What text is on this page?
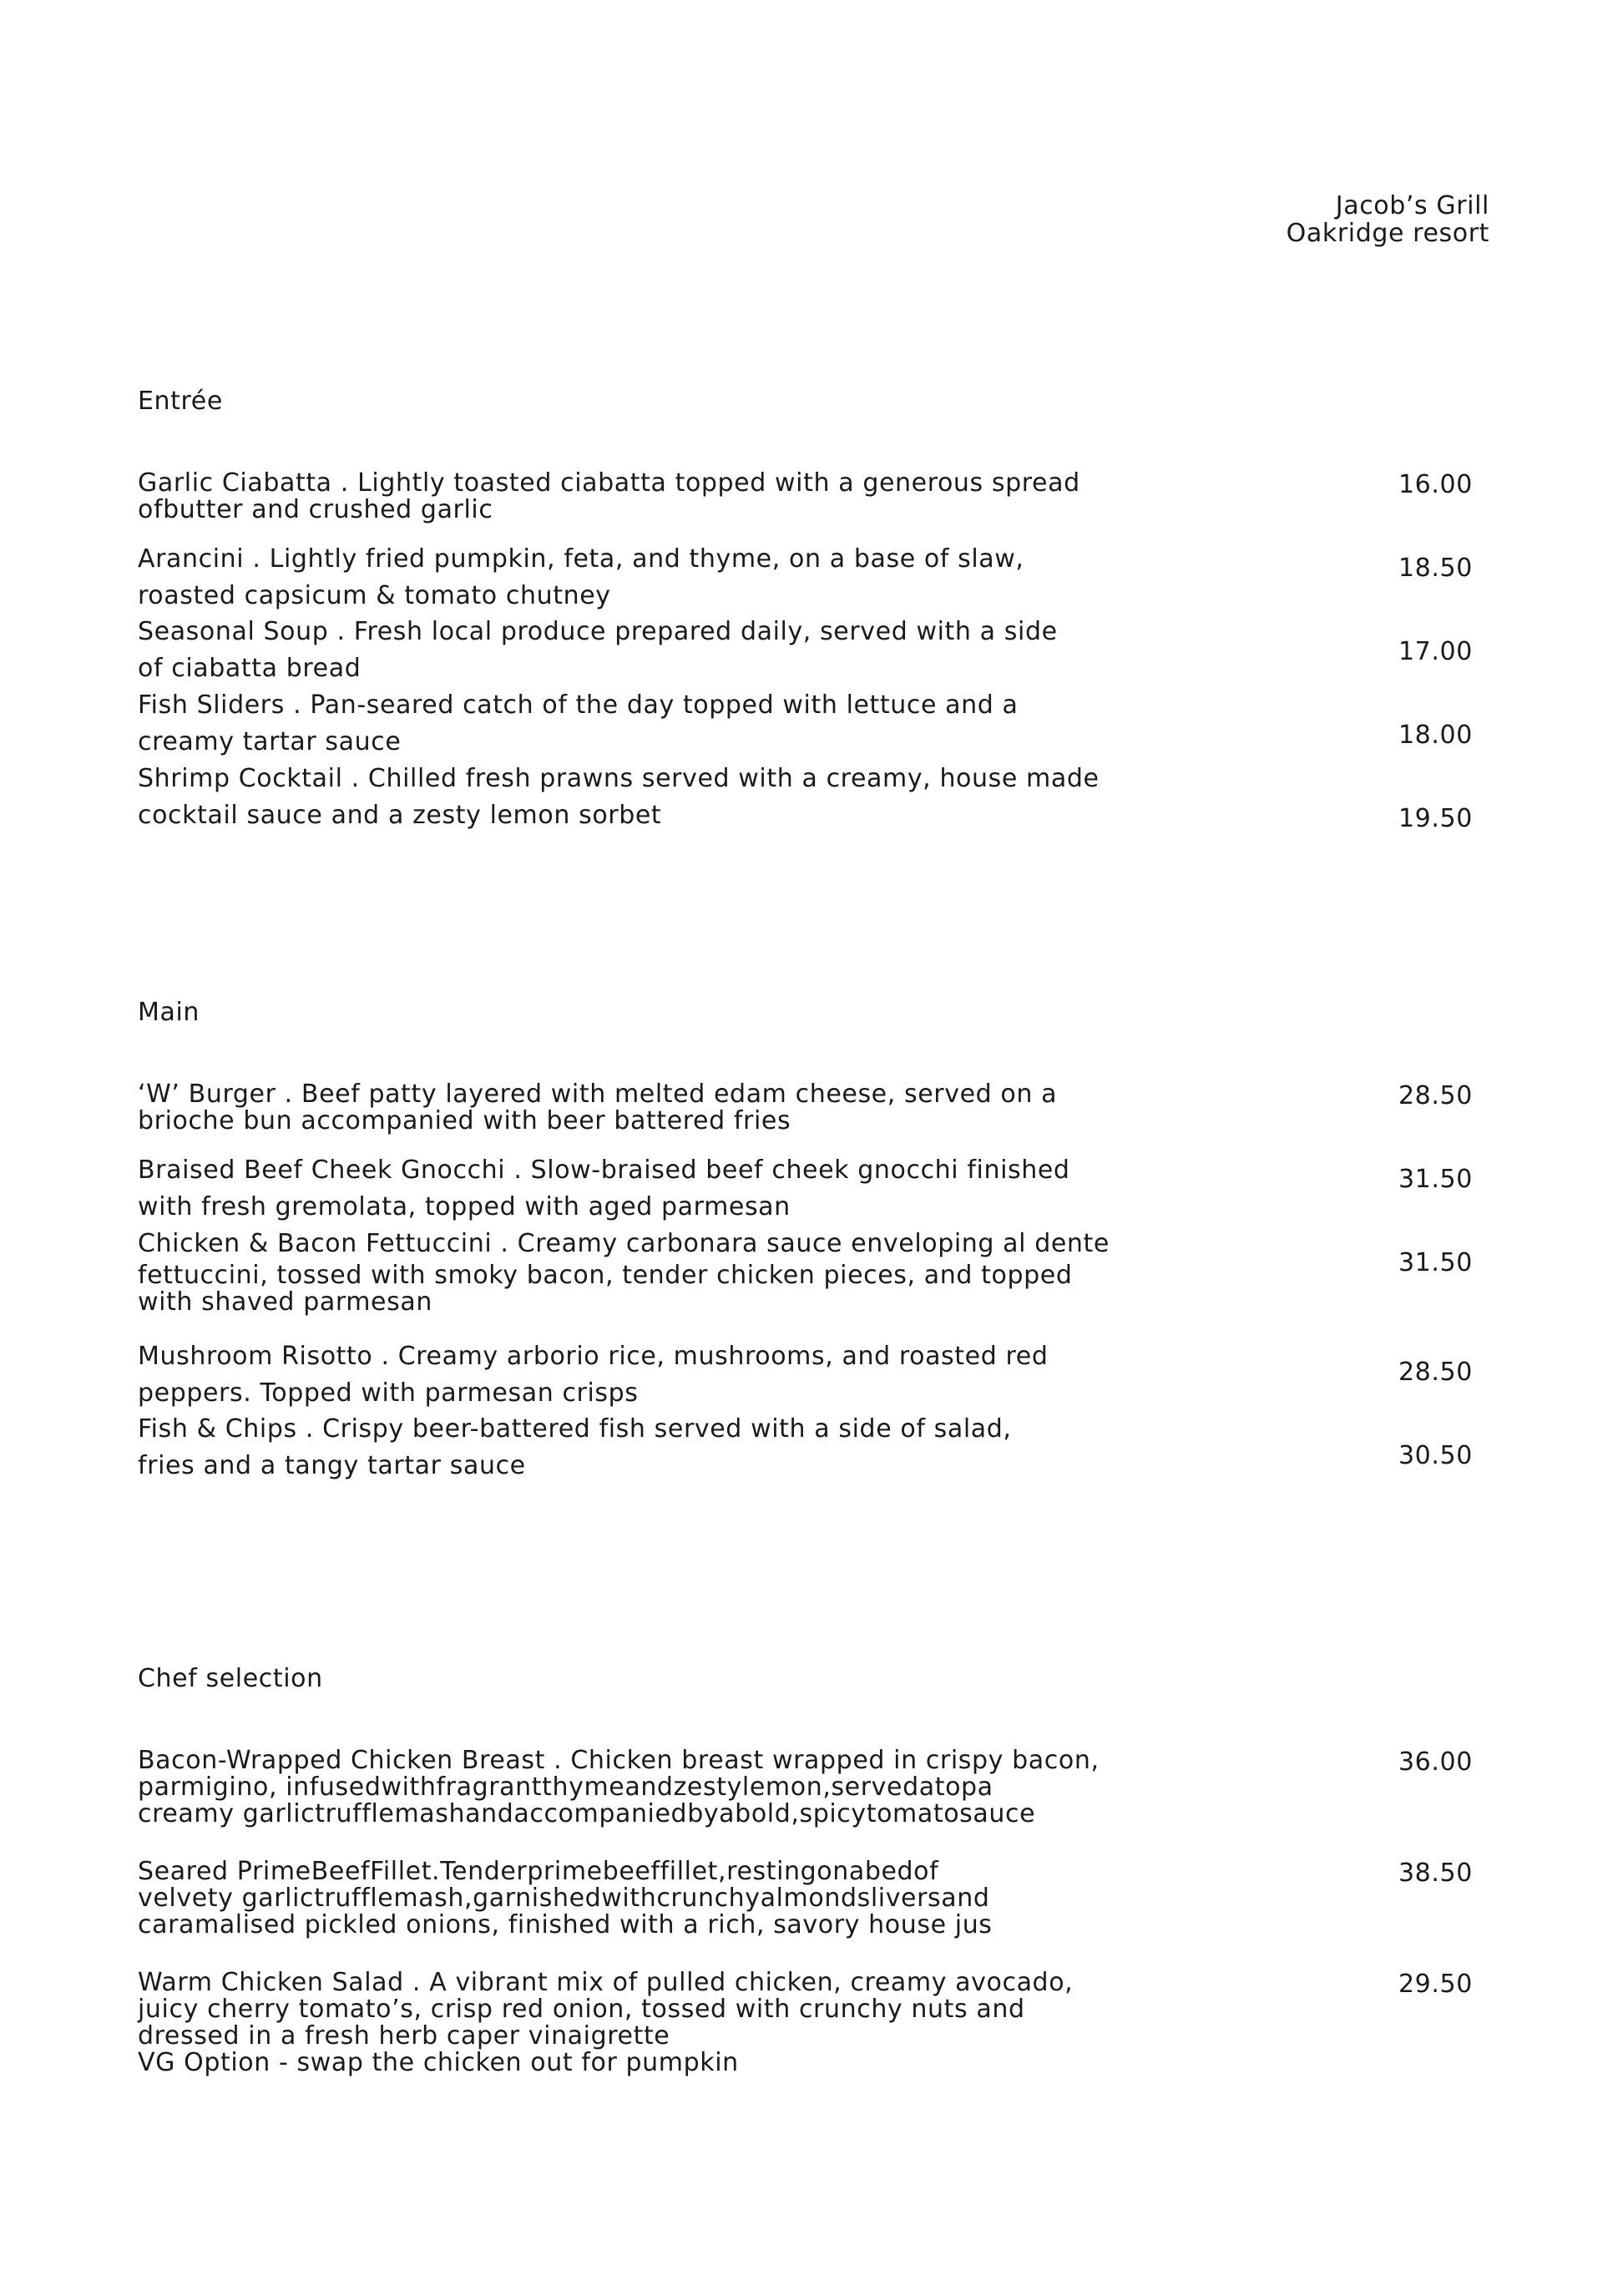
Jacob’s Grill
Oakridge resort
Entrée
Garlic Ciabatta . Lightly toasted ciabatta topped with a generous spread
ofbutter and crushed garlic
16.00
Arancini . Lightly fried pumpkin, feta, and thyme, on a base of slaw,
roasted capsicum & tomato chutney
18.50
Seasonal Soup . Fresh local produce prepared daily, served with a side
of ciabatta bread
17.00
Fish Sliders . Pan-seared catch of the day topped with lettuce and a
creamy tartar sauce	18.00
Shrimp Cocktail . Chilled fresh prawns served with a creamy, house made
cocktail sauce and a zesty lemon sorbet	19.50
Main
‘W’ Burger . Beef patty layered with melted edam cheese, served on a
brioche bun accompanied with beer battered fries
28.50
Braised Beef Cheek Gnocchi . Slow-braised beef cheek gnocchi finished
with fresh gremolata, topped with aged parmesan
31.50
Chicken & Bacon Fettuccini . Creamy carbonara sauce enveloping al dente
fettuccini, tossed with smoky bacon, tender chicken pieces, and topped
with shaved parmesan
31.50
Mushroom Risotto . Creamy arborio rice, mushrooms, and roasted red
peppers. Topped with parmesan crisps
28.50
Fish & Chips . Crispy beer-battered fish served with a side of salad,
fries and a tangy tartar sauce	30.50
Chef selection
Bacon-Wrapped Chicken Breast . Chicken breast wrapped in crispy bacon,
parmigino, infusedwithfragrantthymeandzestylemon,servedatopa
creamy garlictrufflemashandaccompaniedbyabold,spicytomatosauce
36.00
Seared PrimeBeefFillet.Tenderprimebeeffillet,restingonabedof
velvety garlictrufflemash,garnishedwithcrunchyalmondsliversand
caramalised pickled onions, finished with a rich, savory house jus
38.50
Warm Chicken Salad . A vibrant mix of pulled chicken, creamy avocado,
juicy cherry tomato’s, crisp red onion, tossed with crunchy nuts and
dressed in a fresh herb caper vinaigrette
VG Option - swap the chicken out for pumpkin
29.50
